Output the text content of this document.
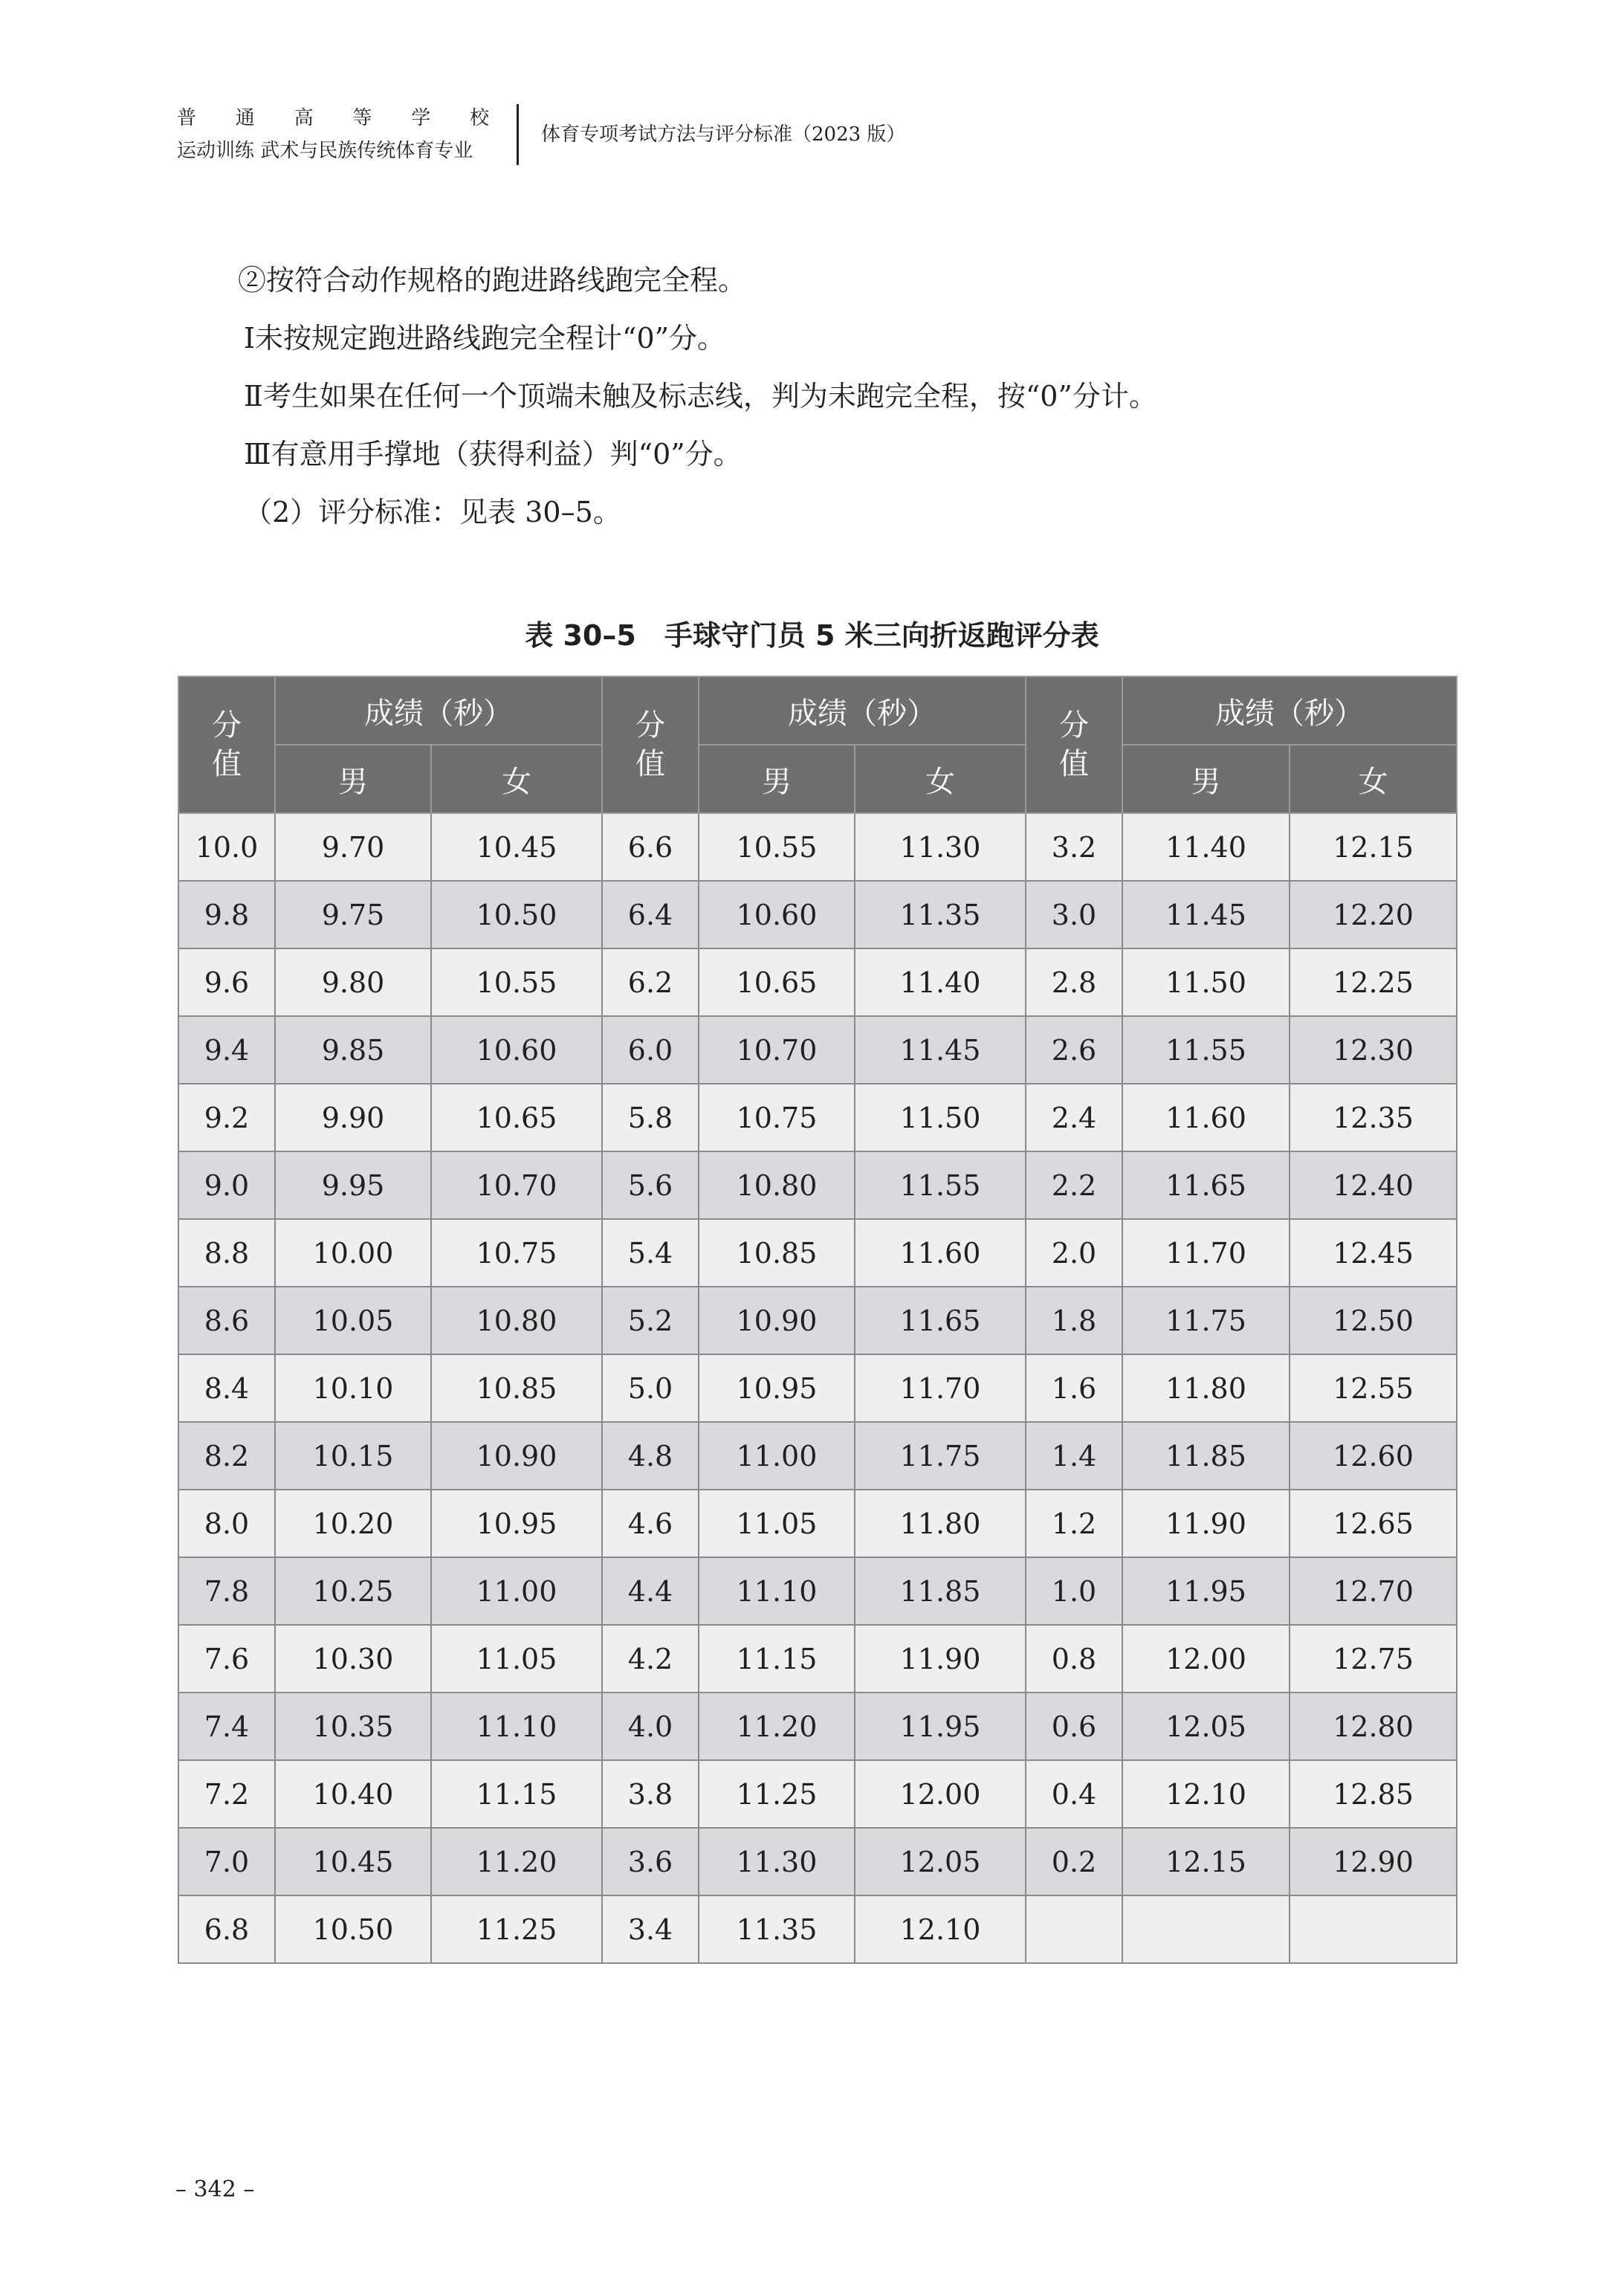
普 通 高 等 学 校
运动训练 武术与民族传统体育专业
体育专项考试方法与评分标准（2023 版）
②按符合动作规格的跑进路线跑完全程。
Ⅰ未按规定跑进路线跑完全程计“0”分。
Ⅱ考生如果在任何一个顶端未触及标志线，判为未跑完全程，按“0”分计。
Ⅲ有意用手撑地（获得利益）判“0”分。
（2）评分标准：见表 30–5。
表 30–5　手球守门员 5 米三向折返跑评分表
分
值	成绩（秒）		分
值	成绩（秒）		分
值	成绩（秒）	
	男	女		男	女		男	女
10.0	9.70	10.45	6.6	10.55	11.30	3.2	11.40	12.15
9.8	9.75	10.50	6.4	10.60	11.35	3.0	11.45	12.20
9.6	9.80	10.55	6.2	10.65	11.40	2.8	11.50	12.25
9.4	9.85	10.60	6.0	10.70	11.45	2.6	11.55	12.30
9.2	9.90	10.65	5.8	10.75	11.50	2.4	11.60	12.35
9.0	9.95	10.70	5.6	10.80	11.55	2.2	11.65	12.40
8.8	10.00	10.75	5.4	10.85	11.60	2.0	11.70	12.45
8.6	10.05	10.80	5.2	10.90	11.65	1.8	11.75	12.50
8.4	10.10	10.85	5.0	10.95	11.70	1.6	11.80	12.55
8.2	10.15	10.90	4.8	11.00	11.75	1.4	11.85	12.60
8.0	10.20	10.95	4.6	11.05	11.80	1.2	11.90	12.65
7.8	10.25	11.00	4.4	11.10	11.85	1.0	11.95	12.70
7.6	10.30	11.05	4.2	11.15	11.90	0.8	12.00	12.75
7.4	10.35	11.10	4.0	11.20	11.95	0.6	12.05	12.80
7.2	10.40	11.15	3.8	11.25	12.00	0.4	12.10	12.85
7.0	10.45	11.20	3.6	11.30	12.05	0.2	12.15	12.90
6.8	10.50	11.25	3.4	11.35	12.10			
– 342 –
